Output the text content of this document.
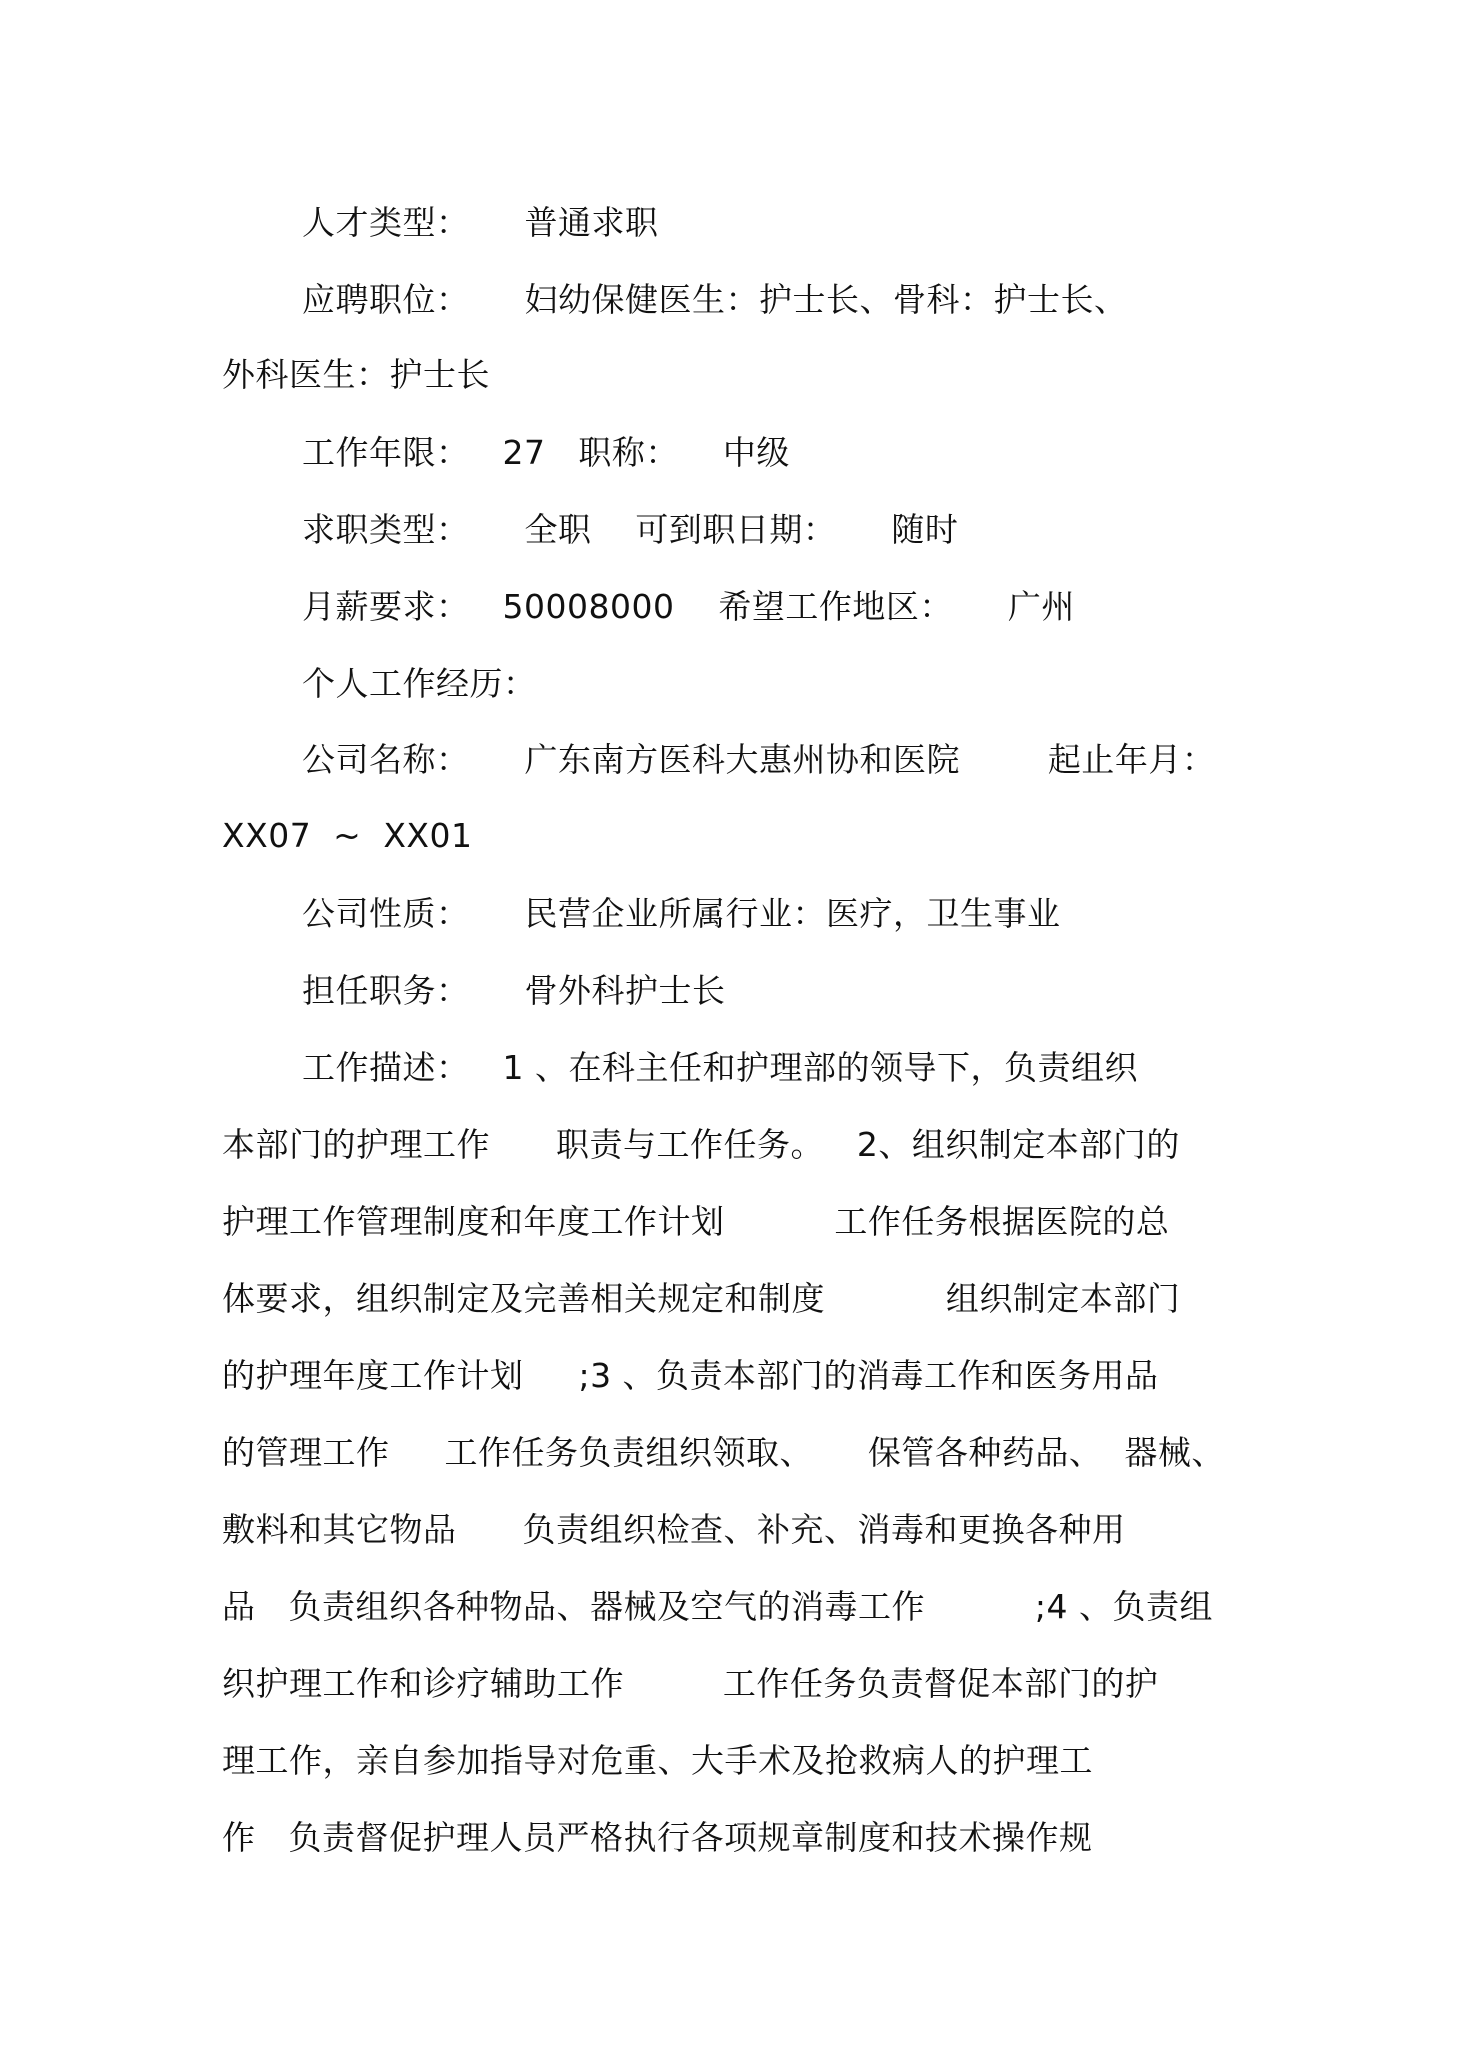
人才类型：     普通求职
应聘职位：     妇幼保健医生：护士长、骨科：护士长、
外科医生：护士长
工作年限：   27   职称：    中级
求职类型：     全职    可到职日期：     随时
月薪要求：   50008000    希望工作地区：     广州
个人工作经历：
公司名称：     广东南方医科大惠州协和医院        起止年月：
XX07  ~  XX01
公司性质：     民营企业所属行业：医疗，卫生事业
担任职务：     骨外科护士长
工作描述：   1 、在科主任和护理部的领导下，负责组织
本部门的护理工作      职责与工作任务。   2、组织制定本部门的
护理工作管理制度和年度工作计划          工作任务根据医院的总
体要求，组织制定及完善相关规定和制度           组织制定本部门
的护理年度工作计划     ;3 、负责本部门的消毒工作和医务用品
的管理工作     工作任务负责组织领取、     保管各种药品、  器械、
敷料和其它物品      负责组织检查、补充、消毒和更换各种用
品   负责组织各种物品、器械及空气的消毒工作          ;4 、负责组
织护理工作和诊疗辅助工作         工作任务负责督促本部门的护
理工作，亲自参加指导对危重、大手术及抢救病人的护理工
作   负责督促护理人员严格执行各项规章制度和技术操作规
